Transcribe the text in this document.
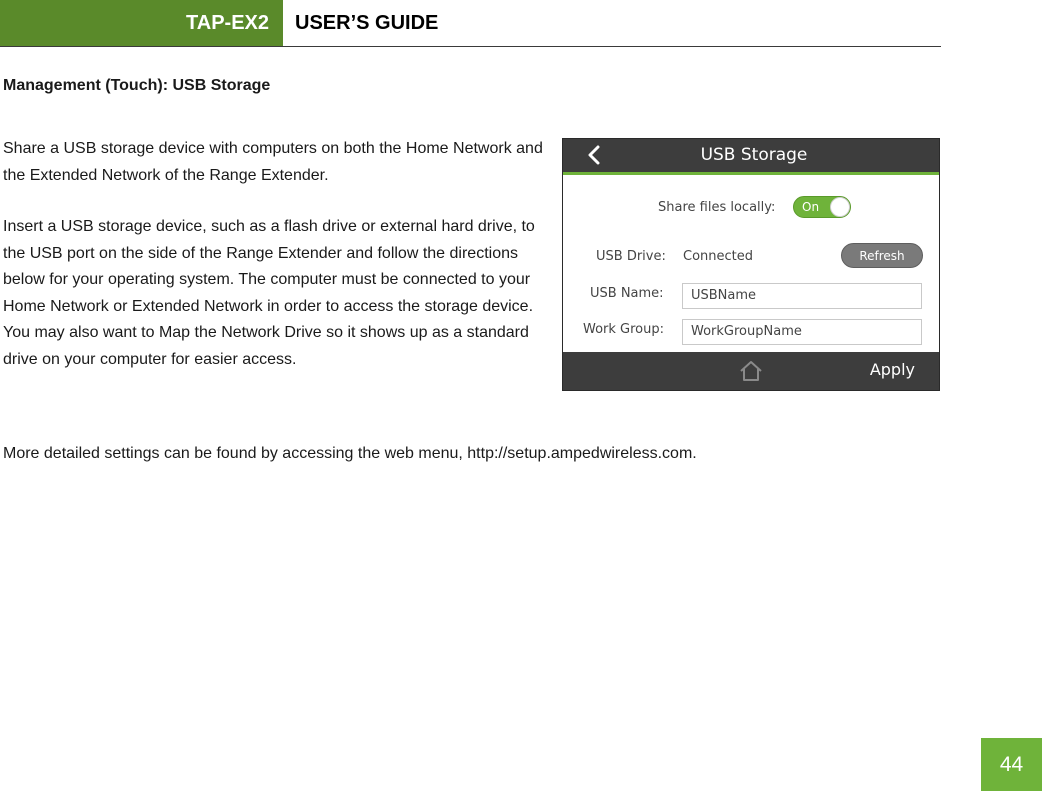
TAP-EX2 USER’S GUIDE
Management (Touch): USB Storage

Share a USB storage device with computers on both the Home Network and the Extended Network of the Range Extender.

Insert a USB storage device, such as a flash drive or external hard drive, to the USB port on the side of the Range Extender and follow the directions below for your operating system. The computer must be connected to your Home Network or Extended Network in order to access the storage device. You may also want to Map the Network Drive so it shows up as a standard drive on your computer for easier access.

More detailed settings can be found by accessing the web menu, http://setup.ampedwireless.com.

USB Storage
Share files locally: On
USB Drive: Connected	Refresh
USB Name:	USBName
Work Group:	WorkGroupName
Apply
44
